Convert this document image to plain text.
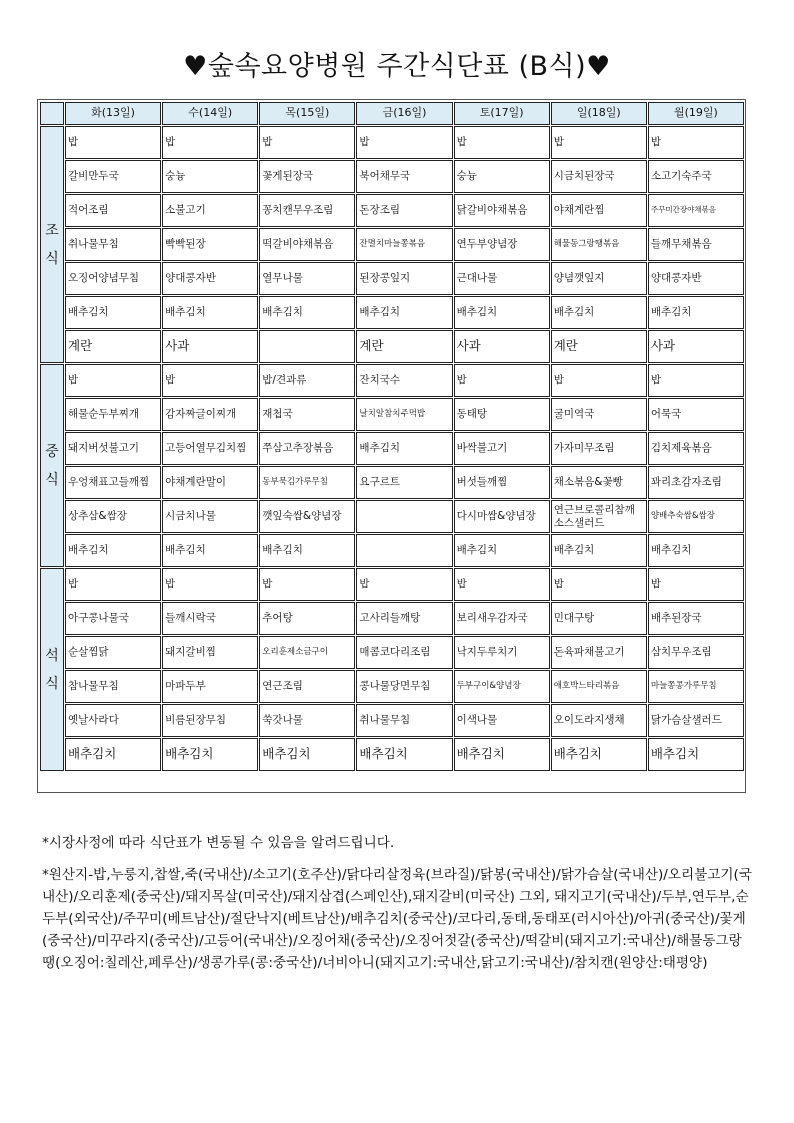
♥숲속요양병원 주간식단표 (B식)♥
	화(13일)	수(14일)	목(15일)	금(16일)	토(17일)	일(18일)	월(19일)
조
식	밥	밥	밥	밥	밥	밥	밥
	갈비만두국	숭늉	꽃게된장국	북어채무국	숭늉	시금치된장국	소고기숙주국
	적어조림	소불고기	꽁치캔무우조림	돈장조림	닭갈비야채볶음	야채계란찜	주꾸미간장야채볶음
	취나물무침	빡빡된장	떡갈비야채볶음	잔멸치마늘쫑볶음	연두부양념장	해물동그랑땡볶음	들깨무채볶음
	오징어양념무침	양대콩자반	열무나물	된장콩잎지	근대나물	양념깻잎지	양대콩자반
	배추김치	배추김치	배추김치	배추김치	배추김치	배추김치	배추김치
	계란	사과		계란	사과	계란	사과
중
식	밥	밥	밥/견과류	잔치국수	밥	밥	밥
	해물순두부찌개	감자짜글이찌개	재첩국	날치알참치주먹밥	동태탕	굴미역국	어묵국
	돼지버섯불고기	고등어열무김치찜	쭈삼고추장볶음	배추김치	바싹불고기	가자미무조림	김치제육볶음
	우엉채표고들깨찜	야채계란말이	동부묵김가루무침	요구르트	버섯들깨찜	채소볶음&꽃빵	꽈리초감자조림
	상추삼&쌈장	시금치나물	깻잎숙쌈&양념장		다시마쌈&양념장	연근브로콜리참깨소스샐러드	양배추숙쌈&쌈장
	배추김치	배추김치	배추김치		배추김치	배추김치	배추김치
석
식	밥	밥	밥	밥	밥	밥	밥
	아구콩나물국	들깨시락국	추어탕	고사리들깨탕	보리새우감자국	민대구탕	배추된장국
	순살찜닭	돼지갈비찜	오리훈제소금구이	매콤코다리조림	낙지두루치기	돈육파채불고기	삼치무우조림
	참나물무침	마파두부	연근조림	콩나물당면무침	두부구이&양념장	애호박느타리볶음	마늘쫑콩가루무침
	옛날사라다	비름된장무침	쑥갓나물	취나물무침	이색나물	오이도라지생채	닭가슴살샐러드
	배추김치	배추김치	배추김치	배추김치	배추김치	배추김치	배추김치
*시장사정에 따라 식단표가 변동될 수 있음을 알려드립니다.
*원산지-밥,누룽지,찹쌀,죽(국내산)/소고기(호주산)/닭다리살정육(브라질)/닭봉(국내산)/닭가슴살(국내산)/오리불고기(국내산)/오리훈제(중국산)/돼지목살(미국산)/돼지삼겹(스페인산),돼지갈비(미국산) 그외, 돼지고기(국내산)/두부,연두부,순두부(외국산)/주꾸미(베트남산)/절단낙지(베트남산)/배추김치(중국산)/코다리,동태,동태포(러시아산)/아귀(중국산)/꽃게(중국산)/미꾸라지(중국산)/고등어(국내산)/오징어채(중국산)/오징어젓갈(중국산)/떡갈비(돼지고기:국내산)/해물동그랑땡(오징어:칠레산,페루산)/생콩가루(콩:중국산)/너비아니(돼지고기:국내산,닭고기:국내산)/참치캔(원양산:태평양)
